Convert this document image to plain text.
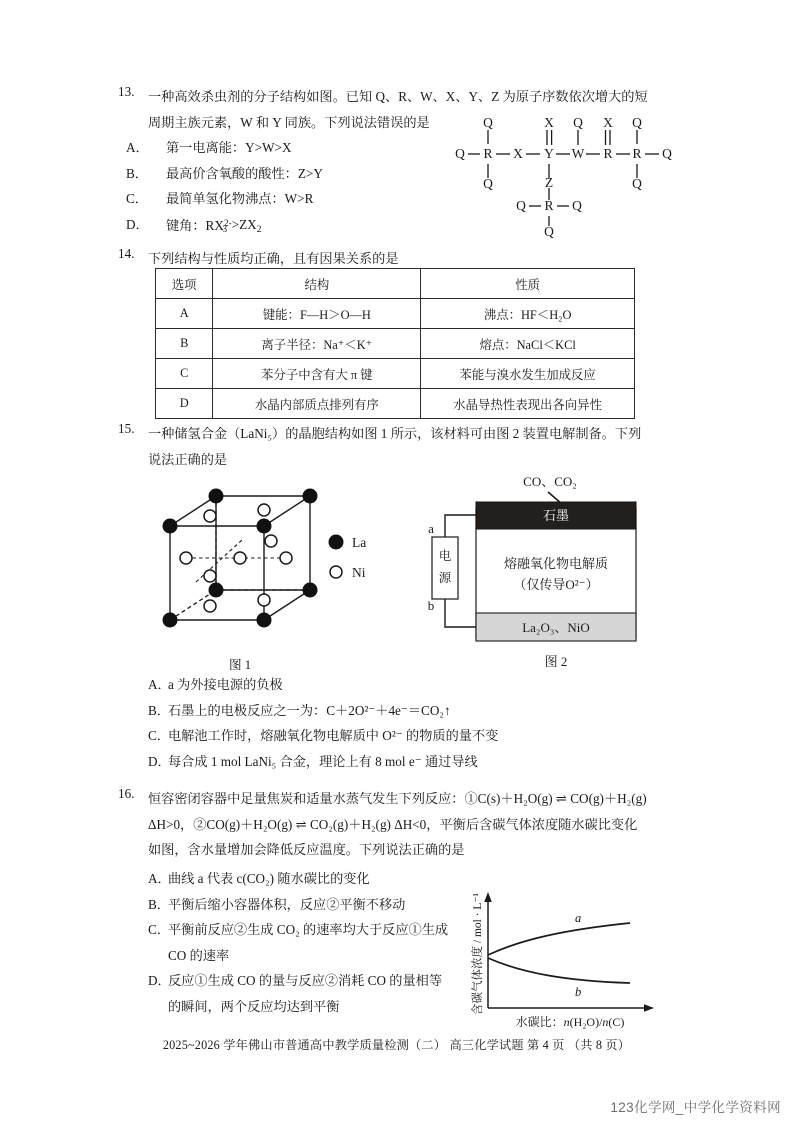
13.	一种高效杀虫剂的分子结构如图。已知 Q、R、W、X、Y、Z 为原子序数依次增大的短
周期主族元素，W 和 Y 同族。下列说法错误的是
A． 第一电离能：Y>W>X
B． 最高价含氧酸的酸性：Z>Y
C． 最简单氢化物沸点：W>R
D． 键角：$RX^{2-}_3 >ZX_2$
Q R X Y W R R Q
Q	X Q X Q
Q	Z	Q
Q R Q
Q
14.	下列结构与性质均正确，且有因果关系的是
选项	结构	性质
A	键能：F—H＞O—H	沸点：HF＜H₂O
B	离子半径：Na⁺＜K⁺	熔点：NaCl＜KCl
C	苯分子中含有大 π 键	苯能与溴水发生加成反应
D	水晶内部质点排列有序	水晶导热性表现出各向异性
15.	一种储氢合金（LaNi₅）的晶胞结构如图 1 所示，该材料可由图 2 装置电解制备。下列
说法正确的是
La
Ni
图 1
CO、CO₂
石墨
熔融氧化物电解质
（仅传导O²⁻）
La₂O₃、NiO
电
源
a
b
图 2
A．a 为外接电源的负极
B．石墨上的电极反应之一为：C＋2O²⁻＋4e⁻＝CO₂↑
C．电解池工作时，熔融氧化物电解质中 O²⁻ 的物质的量不变
D．每合成 1 mol LaNi₅ 合金，理论上有 8 mol e⁻ 通过导线
16.	恒容密闭容器中足量焦炭和适量水蒸气发生下列反应：①C(s)＋H₂O(g) ⇌ CO(g)＋H₂(g)
ΔH>0，②CO(g)＋H₂O(g) ⇌ CO₂(g)＋H₂(g) ΔH<0，平衡后含碳气体浓度随水碳比变化
如图，含水量增加会降低反应温度。下列说法正确的是
A．曲线 a 代表 c(CO₂) 随水碳比的变化
B．平衡后缩小容器体积，反应②平衡不移动
C．平衡前反应②生成 CO₂ 的速率均大于反应①生成
CO 的速率
D．反应①生成 CO 的量与反应②消耗 CO 的量相等
的瞬间，两个反应均达到平衡
a
b
含碳气体浓度 / mol · L⁻¹
水碳比：n(H₂O)/n(C)
2025~2026 学年佛山市普通高中教学质量检测（二） 高三化学试题 第 4 页 （共 8 页）
123化学网_中学化学资料网
